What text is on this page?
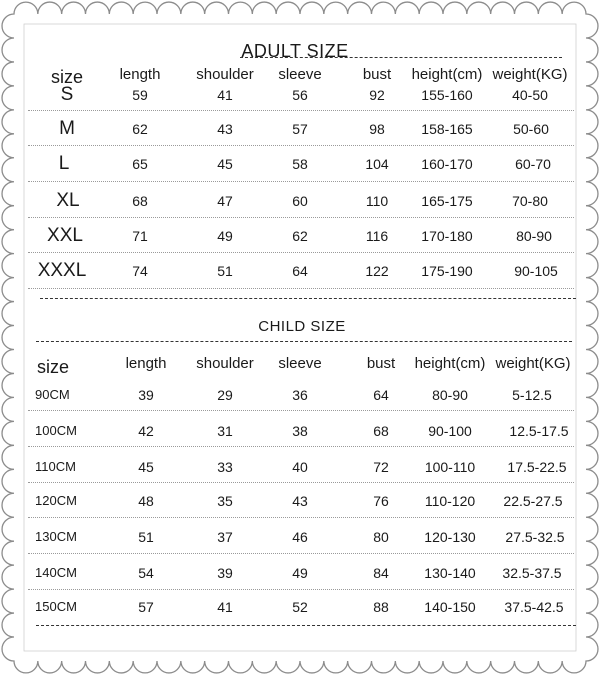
ADULT SIZE
CHILD SIZE
size length shoulder sleeve	bust height(cm) weight(KG)
S	59	41	56	92	155-160	40-50
M	62	43	57	98	158-165	50-60
L	65	45	58	104 160-170	60-70
XL	68	47	60	110 165-175	70-80
XXL	71	49	62	116 170-180	80-90
XXXL	74	51	64	122 175-190	90-105
size	length shoulder sleeve	bust height(cm) weight(KG)
90CM	39	29	36	64	80-90	5-12.5
100CM	42	31	38	68	90-100	12.5-17.5
110CM	45	33	40	72	100-110 17.5-22.5
120CM	48	35	43	76	110-120 22.5-27.5
130CM	51	37	46	80	120-130 27.5-32.5
140CM	54	39	49	84	130-140 32.5-37.5
150CM	57	41	52	88	140-150 37.5-42.5
